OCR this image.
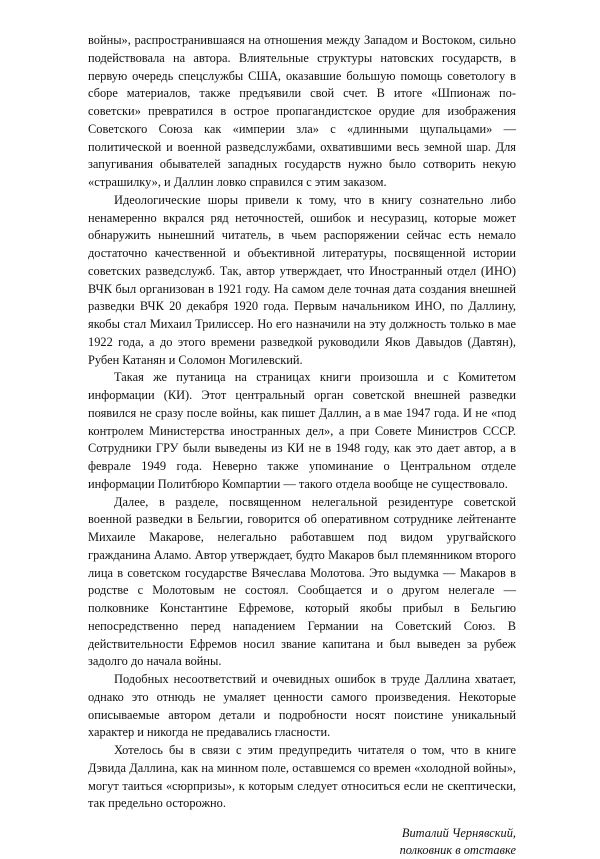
войны», распространившаяся на отношения между Западом и Востоком, сильно подействовала на автора. Влиятельные структуры натовских государств, в первую очередь спецслужбы США, оказавшие большую помощь советологу в сборе материалов, также предъявили свой счет. В итоге «Шпионаж по-советски» превратился в острое пропагандистское орудие для изображения Советского Союза как «империи зла» с «длинными щупальцами» — политической и военной разведслужбами, охватившими весь земной шар. Для запугивания обывателей западных государств нужно было сотворить некую «страшилку», и Даллин ловко справился с этим заказом.

Идеологические шоры привели к тому, что в книгу сознательно либо ненамеренно вкрался ряд неточностей, ошибок и несуразиц, которые может обнаружить нынешний читатель, в чьем распоряжении сейчас есть немало достаточно качественной и объективной литературы, посвященной истории советских разведслужб. Так, автор утверждает, что Иностранный отдел (ИНО) ВЧК был организован в 1921 году. На самом деле точная дата создания внешней разведки ВЧК 20 декабря 1920 года. Первым начальником ИНО, по Даллину, якобы стал Михаил Трилиссер. Но его назначили на эту должность только в мае 1922 года, а до этого времени разведкой руководили Яков Давыдов (Давтян), Рубен Катанян и Соломон Могилевский.

Такая же путаница на страницах книги произошла и с Комитетом информации (КИ). Этот центральный орган советской внешней разведки появился не сразу после войны, как пишет Даллин, а в мае 1947 года. И не «под контролем Министерства иностранных дел», а при Совете Министров СССР. Сотрудники ГРУ были выведены из КИ не в 1948 году, как это дает автор, а в феврале 1949 года. Неверно также упоминание о Центральном отделе информации Политбюро Компартии — такого отдела вообще не существовало.

Далее, в разделе, посвященном нелегальной резидентуре советской военной разведки в Бельгии, говорится об оперативном сотруднике лейтенанте Михаиле Макарове, нелегально работавшем под видом уругвайского гражданина Аламо. Автор утверждает, будто Макаров был племянником второго лица в советском государстве Вячеслава Молотова. Это выдумка — Макаров в родстве с Молотовым не состоял. Сообщается и о другом нелегале — полковнике Константине Ефремове, который якобы прибыл в Бельгию непосредственно перед нападением Германии на Советский Союз. В действительности Ефремов носил звание капитана и был выведен за рубеж задолго до начала войны.

Подобных несоответствий и очевидных ошибок в труде Даллина хватает, однако это отнюдь не умаляет ценности самого произведения. Некоторые описываемые автором детали и подробности носят поистине уникальный характер и никогда не предавались гласности.

Хотелось бы в связи с этим предупредить читателя о том, что в книге Дэвида Даллина, как на минном поле, оставшемся со времен «холодной войны», могут таиться «сюрпризы», к которым следует относиться если не скептически, так предельно осторожно.

Виталий Чернявский,
полковник в отставке
